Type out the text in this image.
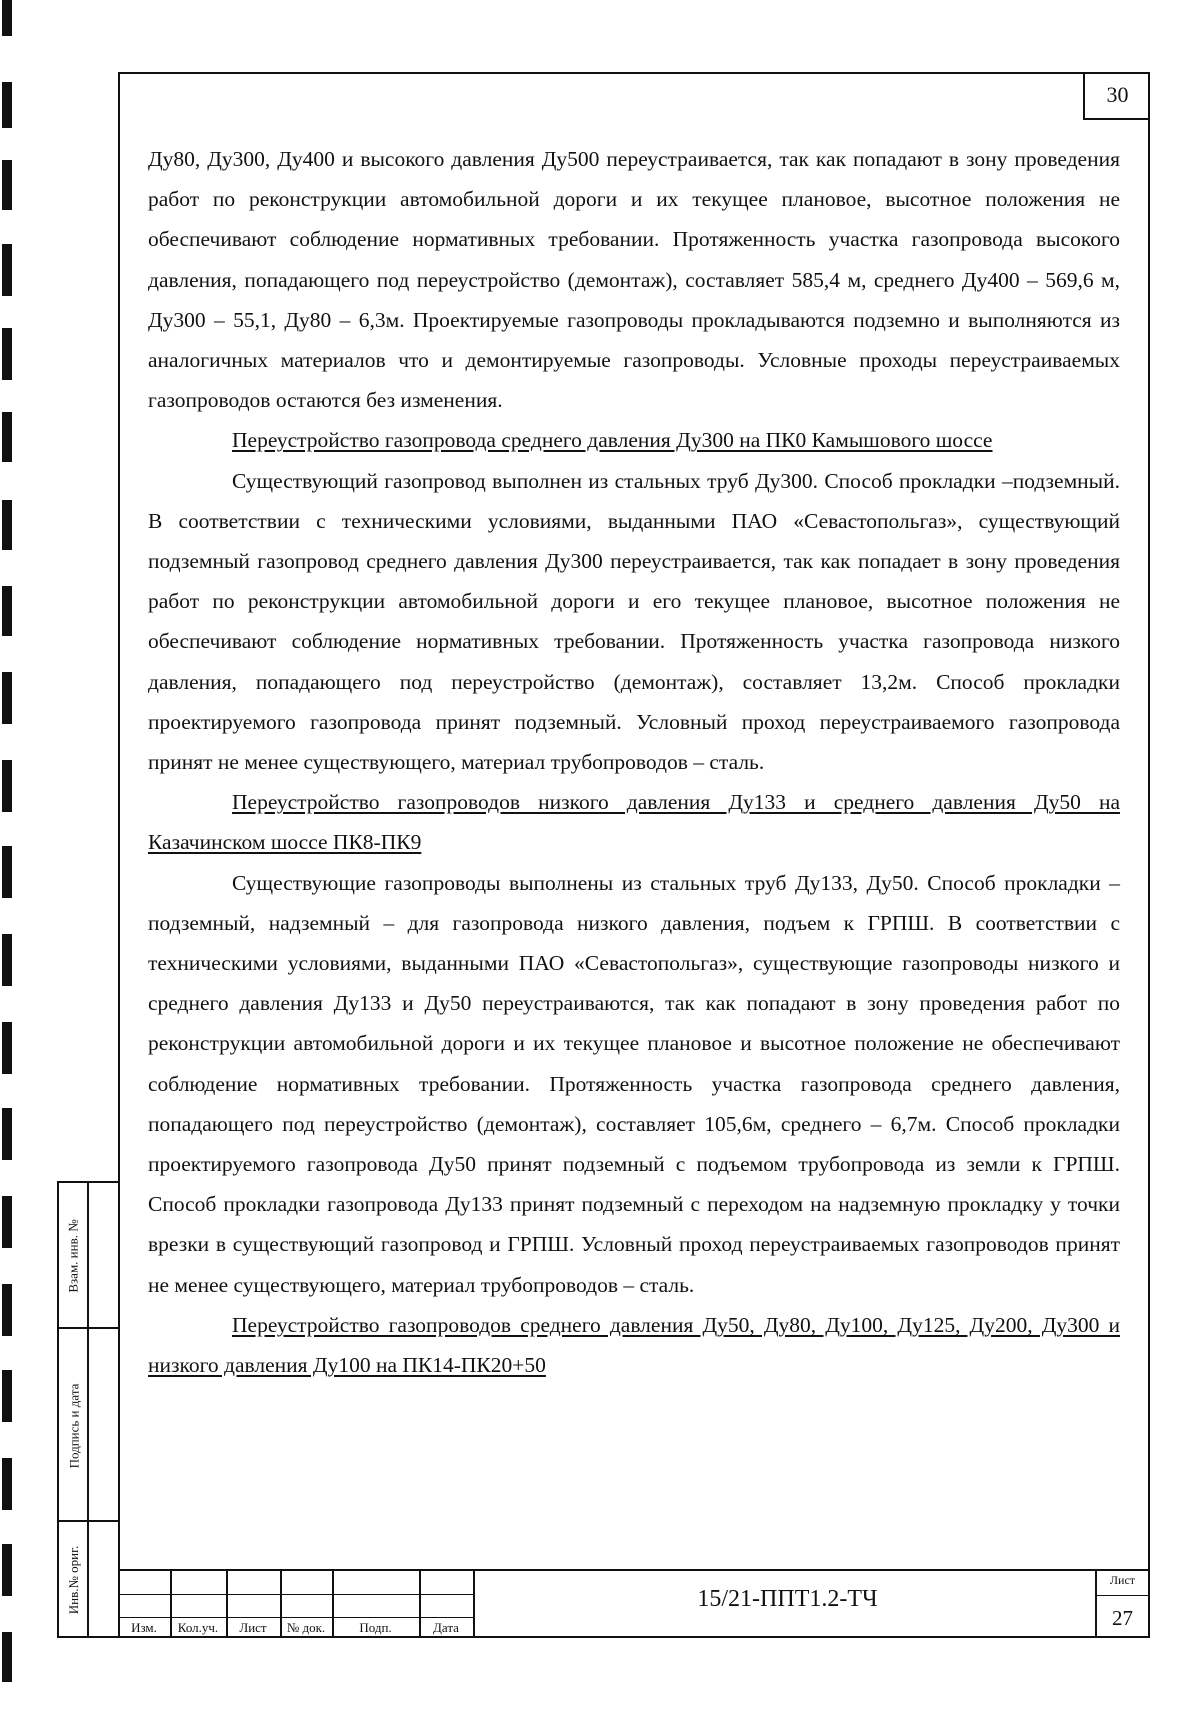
30

Ду80, Ду300, Ду400 и высокого давления Ду500 переустраивается, так как попадают в зону проведения работ по реконструкции автомобильной дороги и их текущее плановое, высотное положения не обеспечивают соблюдение нормативных требовании. Протяженность участка газопровода высокого давления, попадающего под переустройство (демонтаж), составляет 585,4 м, среднего Ду400 – 569,6 м, Ду300 – 55,1, Ду80 – 6,3м. Проектируемые газопроводы прокладываются подземно и выполняются из аналогичных материалов что и демонтируемые газопроводы. Условные проходы переустраиваемых газопроводов остаются без изменения.

Переустройство газопровода среднего давления Ду300 на ПК0 Камышового шоссе

Существующий газопровод выполнен из стальных труб Ду300. Способ прокладки –подземный. В соответствии с техническими условиями, выданными ПАО «Севастопольгаз», существующий подземный газопровод среднего давления Ду300 переустраивается, так как попадает в зону проведения работ по реконструкции автомобильной дороги и его текущее плановое, высотное положения не обеспечивают соблюдение нормативных требовании. Протяженность участка газопровода низкого давления, попадающего под переустройство (демонтаж), составляет 13,2м. Способ прокладки проектируемого газопровода принят подземный. Условный проход переустраиваемого газопровода принят не менее существующего, материал трубопроводов – сталь.

Переустройство газопроводов низкого давления Ду133 и среднего давления Ду50 на Казачинском шоссе ПК8-ПК9

Существующие газопроводы выполнены из стальных труб Ду133, Ду50. Способ прокладки – подземный, надземный – для газопровода низкого давления, подъем к ГРПШ. В соответствии с техническими условиями, выданными ПАО «Севастопольгаз», существующие газопроводы низкого и среднего давления Ду133 и Ду50 переустраиваются, так как попадают в зону проведения работ по реконструкции автомобильной дороги и их текущее плановое и высотное положение не обеспечивают соблюдение нормативных требовании. Протяженность участка газопровода среднего давления, попадающего под переустройство (демонтаж), составляет 105,6м, среднего – 6,7м. Способ прокладки проектируемого газопровода Ду50 принят подземный с подъемом трубопровода из земли к ГРПШ. Способ прокладки газопровода Ду133 принят подземный с переходом на надземную прокладку у точки врезки в существующий газопровод и ГРПШ. Условный проход переустраиваемых газопроводов принят не менее существующего, материал трубопроводов – сталь.

Переустройство газопроводов среднего давления Ду50, Ду80, Ду100, Ду125, Ду200, Ду300 и низкого давления Ду100 на ПК14-ПК20+50

Взам. инв. №
Подпись и дата
Инв.№ ориг.
Изм.	Кол.уч.	Лист	№ док.	Подп.	Дата
15/21-ППТ1.2-ТЧ
Лист
27
